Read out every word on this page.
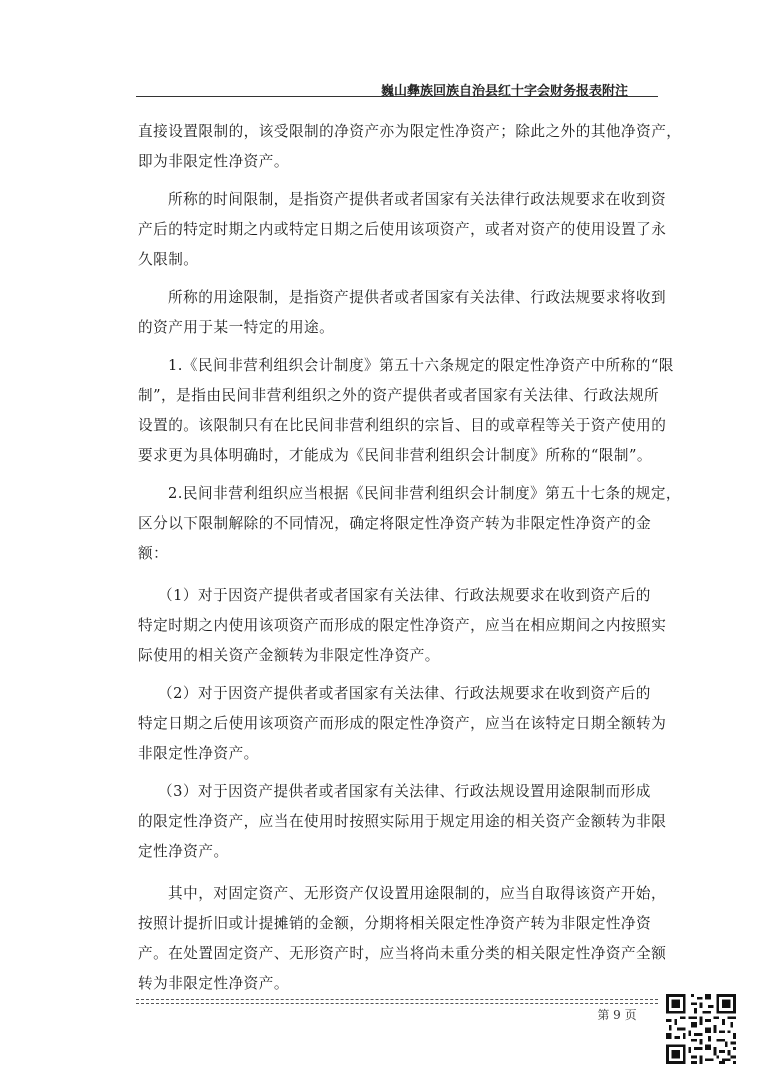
巍山彝族回族自治县红十字会财务报表附注
直接设置限制的，该受限制的净资产亦为限定性净资产；除此之外的其他净资产，
即为非限定性净资产。
所称的时间限制，是指资产提供者或者国家有关法律行政法规要求在收到资
产后的特定时期之内或特定日期之后使用该项资产，或者对资产的使用设置了永
久限制。
所称的用途限制，是指资产提供者或者国家有关法律、行政法规要求将收到
的资产用于某一特定的用途。
1.《民间非营利组织会计制度》第五十六条规定的限定性净资产中所称的“限
制”，是指由民间非营利组织之外的资产提供者或者国家有关法律、行政法规所
设置的。该限制只有在比民间非营利组织的宗旨、目的或章程等关于资产使用的
要求更为具体明确时，才能成为《民间非营利组织会计制度》所称的“限制”。
2.民间非营利组织应当根据《民间非营利组织会计制度》第五十七条的规定，
区分以下限制解除的不同情况，确定将限定性净资产转为非限定性净资产的金
额：
（1）对于因资产提供者或者国家有关法律、行政法规要求在收到资产后的
特定时期之内使用该项资产而形成的限定性净资产，应当在相应期间之内按照实
际使用的相关资产金额转为非限定性净资产。
（2）对于因资产提供者或者国家有关法律、行政法规要求在收到资产后的
特定日期之后使用该项资产而形成的限定性净资产，应当在该特定日期全额转为
非限定性净资产。
（3）对于因资产提供者或者国家有关法律、行政法规设置用途限制而形成
的限定性净资产，应当在使用时按照实际用于规定用途的相关资产金额转为非限
定性净资产。
其中，对固定资产、无形资产仅设置用途限制的，应当自取得该资产开始，
按照计提折旧或计提摊销的金额，分期将相关限定性净资产转为非限定性净资
产。在处置固定资产、无形资产时，应当将尚未重分类的相关限定性净资产全额
转为非限定性净资产。
第 9 页
